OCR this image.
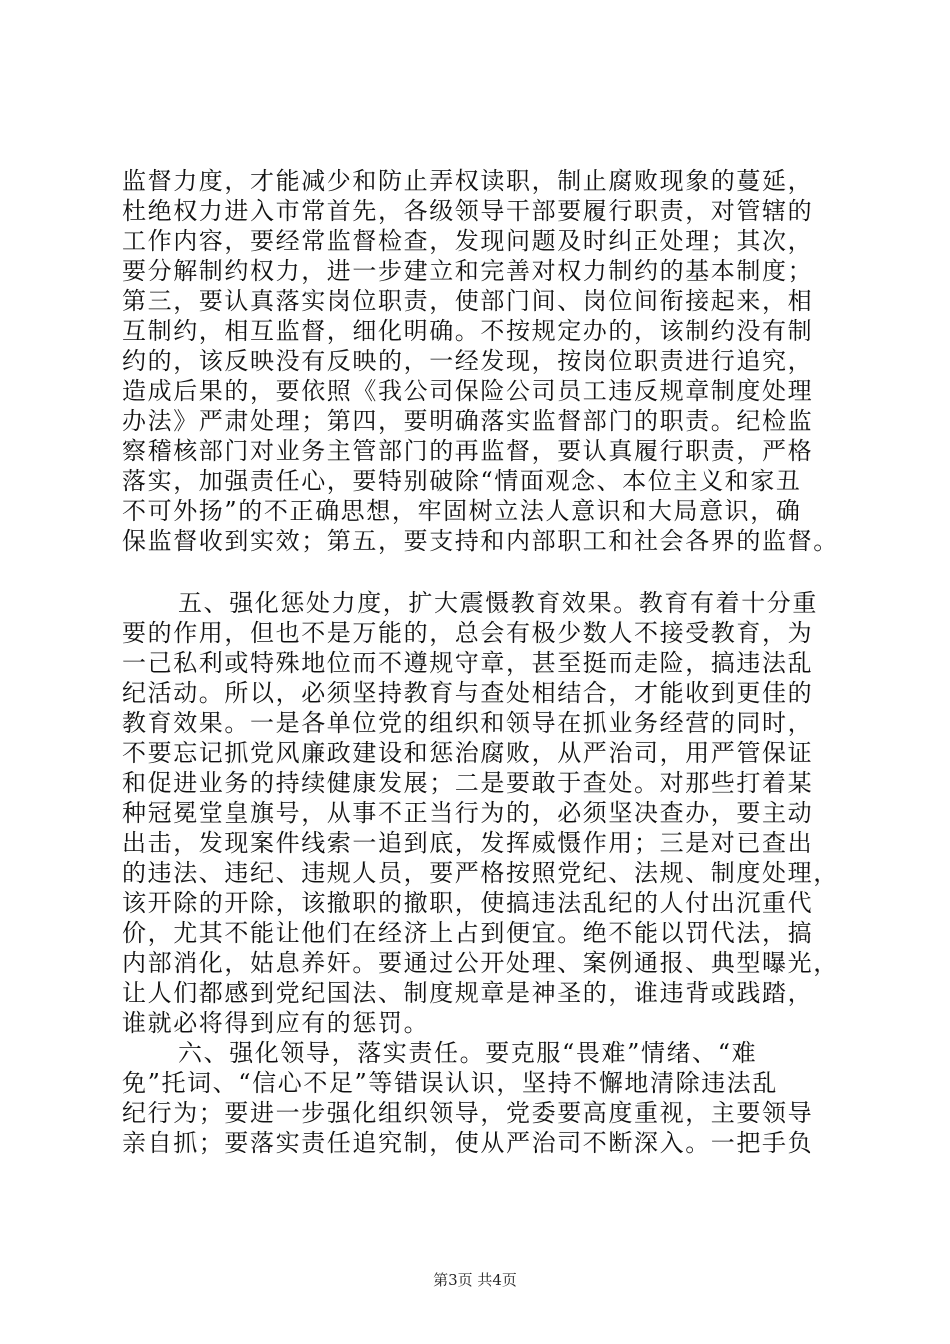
监督力度，才能减少和防止弄权读职，制止腐败现象的蔓延，
杜绝权力进入市常首先，各级领导干部要履行职责，对管辖的
工作内容，要经常监督检查，发现问题及时纠正处理；其次，
要分解制约权力，进一步建立和完善对权力制约的基本制度；
第三，要认真落实岗位职责，使部门间、岗位间衔接起来，相
互制约，相互监督，细化明确。不按规定办的，该制约没有制
约的，该反映没有反映的，一经发现，按岗位职责进行追究，
造成后果的，要依照《我公司保险公司员工违反规章制度处理
办法》严肃处理；第四，要明确落实监督部门的职责。纪检监
察稽核部门对业务主管部门的再监督，要认真履行职责，严格
落实，加强责任心，要特别破除“情面观念、本位主义和家丑
不可外扬”的不正确思想，牢固树立法人意识和大局意识，确
保监督收到实效；第五，要支持和内部职工和社会各界的监督。
五、强化惩处力度，扩大震慑教育效果。教育有着十分重
要的作用，但也不是万能的，总会有极少数人不接受教育，为
一己私利或特殊地位而不遵规守章，甚至挺而走险，搞违法乱
纪活动。所以，必须坚持教育与查处相结合，才能收到更佳的
教育效果。一是各单位党的组织和领导在抓业务经营的同时，
不要忘记抓党风廉政建设和惩治腐败，从严治司，用严管保证
和促进业务的持续健康发展；二是要敢于查处。对那些打着某
种冠冕堂皇旗号，从事不正当行为的，必须坚决查办，要主动
出击，发现案件线索一追到底，发挥威慑作用；三是对已查出
的违法、违纪、违规人员，要严格按照党纪、法规、制度处理，
该开除的开除，该撤职的撤职，使搞违法乱纪的人付出沉重代
价，尤其不能让他们在经济上占到便宜。绝不能以罚代法，搞
内部消化，姑息养奸。要通过公开处理、案例通报、典型曝光，
让人们都感到党纪国法、制度规章是神圣的，谁违背或践踏，
谁就必将得到应有的惩罚。
六、强化领导，落实责任。要克服“畏难”情绪、“难
免”托词、“信心不足”等错误认识，坚持不懈地清除违法乱
纪行为；要进一步强化组织领导，党委要高度重视，主要领导
亲自抓；要落实责任追究制，使从严治司不断深入。一把手负
第3页 共4页
